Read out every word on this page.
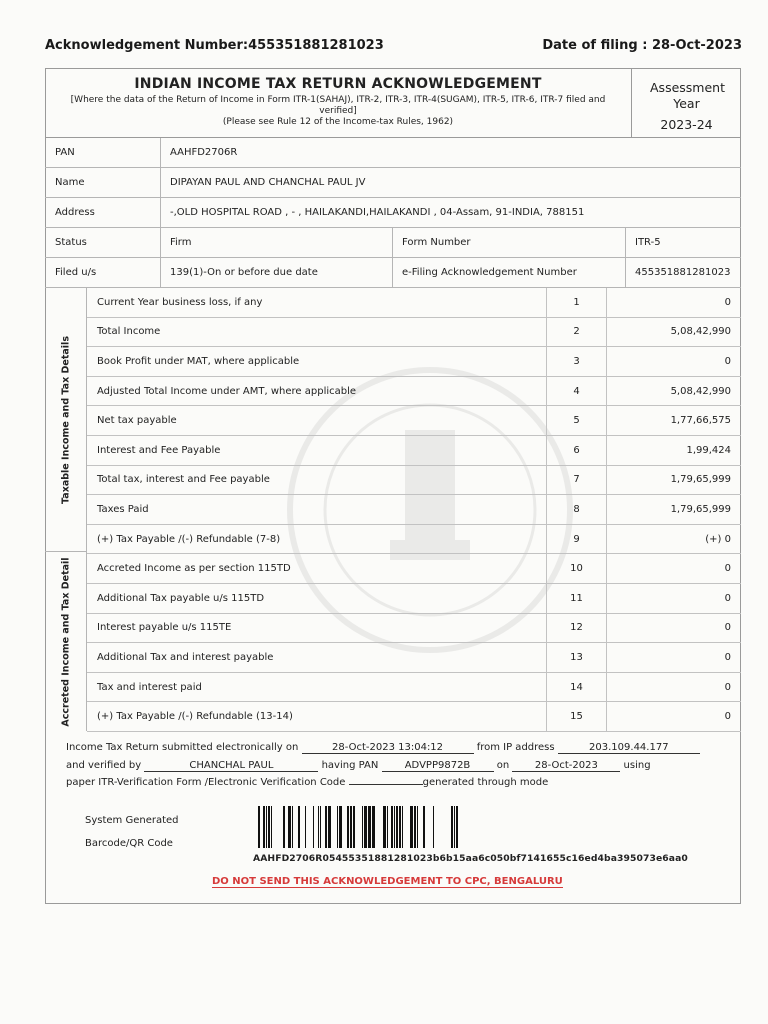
Acknowledgement Number:455351881281023	Date of filing : 28-Oct-2023
INDIAN INCOME TAX RETURN ACKNOWLEDGEMENT
[Where the data of the Return of Income in Form ITR-1(SAHAJ), ITR-2, ITR-3, ITR-4(SUGAM), ITR-5, ITR-6, ITR-7 filed and verified]
(Please see Rule 12 of the Income-tax Rules, 1962)
Assessment Year
2023-24
PAN	AAHFD2706R
Name	DIPAYAN PAUL AND CHANCHAL PAUL JV
Address	-,OLD HOSPITAL ROAD , - , HAILAKANDI,HAILAKANDI , 04-Assam, 91-INDIA, 788151
Status	Firm	Form Number	ITR-5
Filed u/s	139(1)-On or before due date	e-Filing Acknowledgement Number	455351881281023
Taxable Income and Tax Details
Accreted Income and Tax Detail
Current Year business loss, if any	1	0
Total Income	2	5,08,42,990
Book Profit under MAT, where applicable	3	0
Adjusted Total Income under AMT, where applicable	4	5,08,42,990
Net tax payable	5	1,77,66,575
Interest and Fee Payable	6	1,99,424
Total tax, interest and Fee payable	7	1,79,65,999
Taxes Paid	8	1,79,65,999
(+) Tax Payable /(-) Refundable (7-8)	9	(+) 0
Accreted Income as per section 115TD	10	0
Additional Tax payable u/s 115TD	11	0
Interest payable u/s 115TE	12	0
Additional Tax and interest payable	13	0
Tax and interest paid	14	0
(+) Tax Payable /(-) Refundable (13-14)	15	0
Income Tax Return submitted electronically on	28-Oct-2023 13:04:12	from IP address	203.109.44.177
and verified by	CHANCHAL PAUL	having PAN	ADVPP9872B	on	28-Oct-2023	using
paper ITR-Verification Form /Electronic Verification Code	generated through mode
System Generated
Barcode/QR Code
AAHFD2706R05455351881281023b6b15aa6c050bf7141655c16ed4ba395073e6aa0
DO NOT SEND THIS ACKNOWLEDGEMENT TO CPC, BENGALURU
